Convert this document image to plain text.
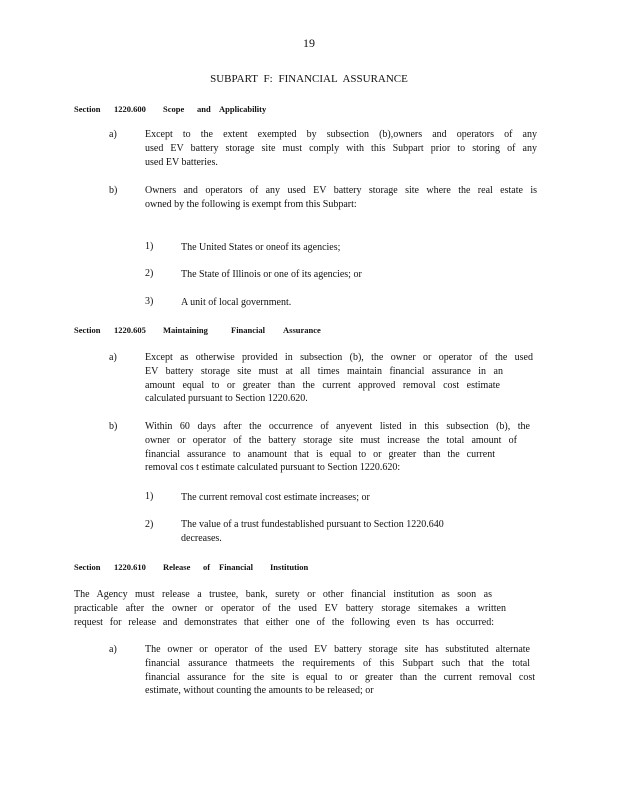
19
SUBPART F: FINANCIAL ASSURANCE
Section 1220.600 Scope and Applicability
a)	Except to the extent exempted by subsection (b),owners and operators of any
used EV battery storage site must comply with this Subpart prior to storing of any
used EV batteries.
b)	Owners and operators of any used EV battery storage site where the real estate is
owned by the following is exempt from this Subpart:
1)	The United States or oneof its agencies;
2)	The State of Illinois or one of its agencies; or
3)	A unit of local government.
Section 1220.605 Maintaining	Financial Assurance
a)	Except as otherwise provided in subsection (b), the owner or operator of the used
EV battery storage site must at all times maintain financial assurance in an
amount equal to or greater than the current approved removal cost estimate
calculated pursuant to Section 1220.620.
b)	Within 60 days after the occurrence of anyevent listed in this subsection (b), the
owner or operator of the battery storage site must increase the total amount of
financial assurance to anamount that is equal to or greater than the current
removal cos t estimate calculated pursuant to Section 1220.620:
1)	The current removal cost estimate increases; or
2)	The value of a trust fundestablished pursuant to Section 1220.640
decreases.
Section 1220.610 Release of Financial Institution
The Agency must release a trustee, bank, surety or other financial institution as soon as
practicable after the owner or operator of the used EV battery storage sitemakes a written
request for release and demonstrates that either one of the following even ts has occurred:
a)	The owner or operator of the used EV battery storage site has substituted alternate
financial assurance thatmeets the requirements of this Subpart such that the total
financial assurance for the site is equal to or greater than the current removal cost
estimate, without counting the amounts to be released; or
